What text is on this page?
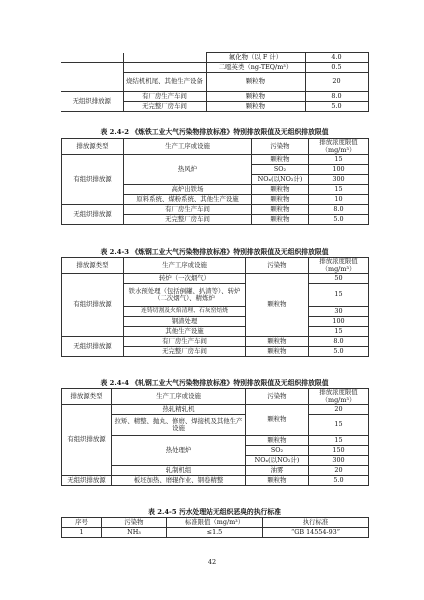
		氟化物（以 F 计）	4.0
		二噁英类（ng-TEQ/m³）	0.5
	烧结机机尾、其他生产设备	颗粒物	20
无组织排放源	有厂房生产车间	颗粒物	8.0
	无完整厂房车间	颗粒物	5.0
表 2.4-2 《炼铁工业大气污染物排放标准》特别排放限值及无组织排放限值
排放源类型	生产工序或设施	污染物	排放浓度限值（mg/m³）
有组织排放源	热风炉	颗粒物	15
		SO₂	100
		NOₓ(以NO₂计)	300
	高炉出铁场	颗粒物	15
	原料系统、煤粉系统、其他生产设施	颗粒物	10
无组织排放源	有厂房生产车间	颗粒物	8.0
	无完整厂房车间	颗粒物	5.0
表 2.4-3 《炼钢工业大气污染物排放标准》特别排放限值及无组织排放限值
排放源类型	生产工序或设施	污染物	排放浓度限值（mg/m³）
有组织排放源	转炉（一次烟气）	颗粒物	50
	铁水预处理（包括倒罐、扒渣等）、转炉（二次烟气）、精炼炉		15
	连铸切割及火焰清理、石灰窑焙烧		30
	钢渣处理		100
	其他生产设施		15
无组织排放源	有厂房生产车间	颗粒物	8.0
	无完整厂房车间	颗粒物	5.0
表 2.4-4 《轧钢工业大气污染物排放标准》特别排放限值及无组织排放限值
排放源类型	生产工序或设施	污染物	排放浓度限值（mg/m³）
有组织排放源	热轧精轧机	颗粒物	20
	拉矫、精整、抛丸、修磨、焊接机及其他生产设施		15
	热处理炉	颗粒物	15
		SO₂	150
		NOₓ(以NO₂计)	300
	轧制机组	油雾	20
无组织排放源	板坯加热、磨辊作业、钢卷精整	颗粒物	5.0
表 2.4-5 污水处理站无组织恶臭的执行标准
序号	污染物	标准限值（mg/m³）	执行标准
1	NH₃	≤1.5	“GB 14554-93”
42
